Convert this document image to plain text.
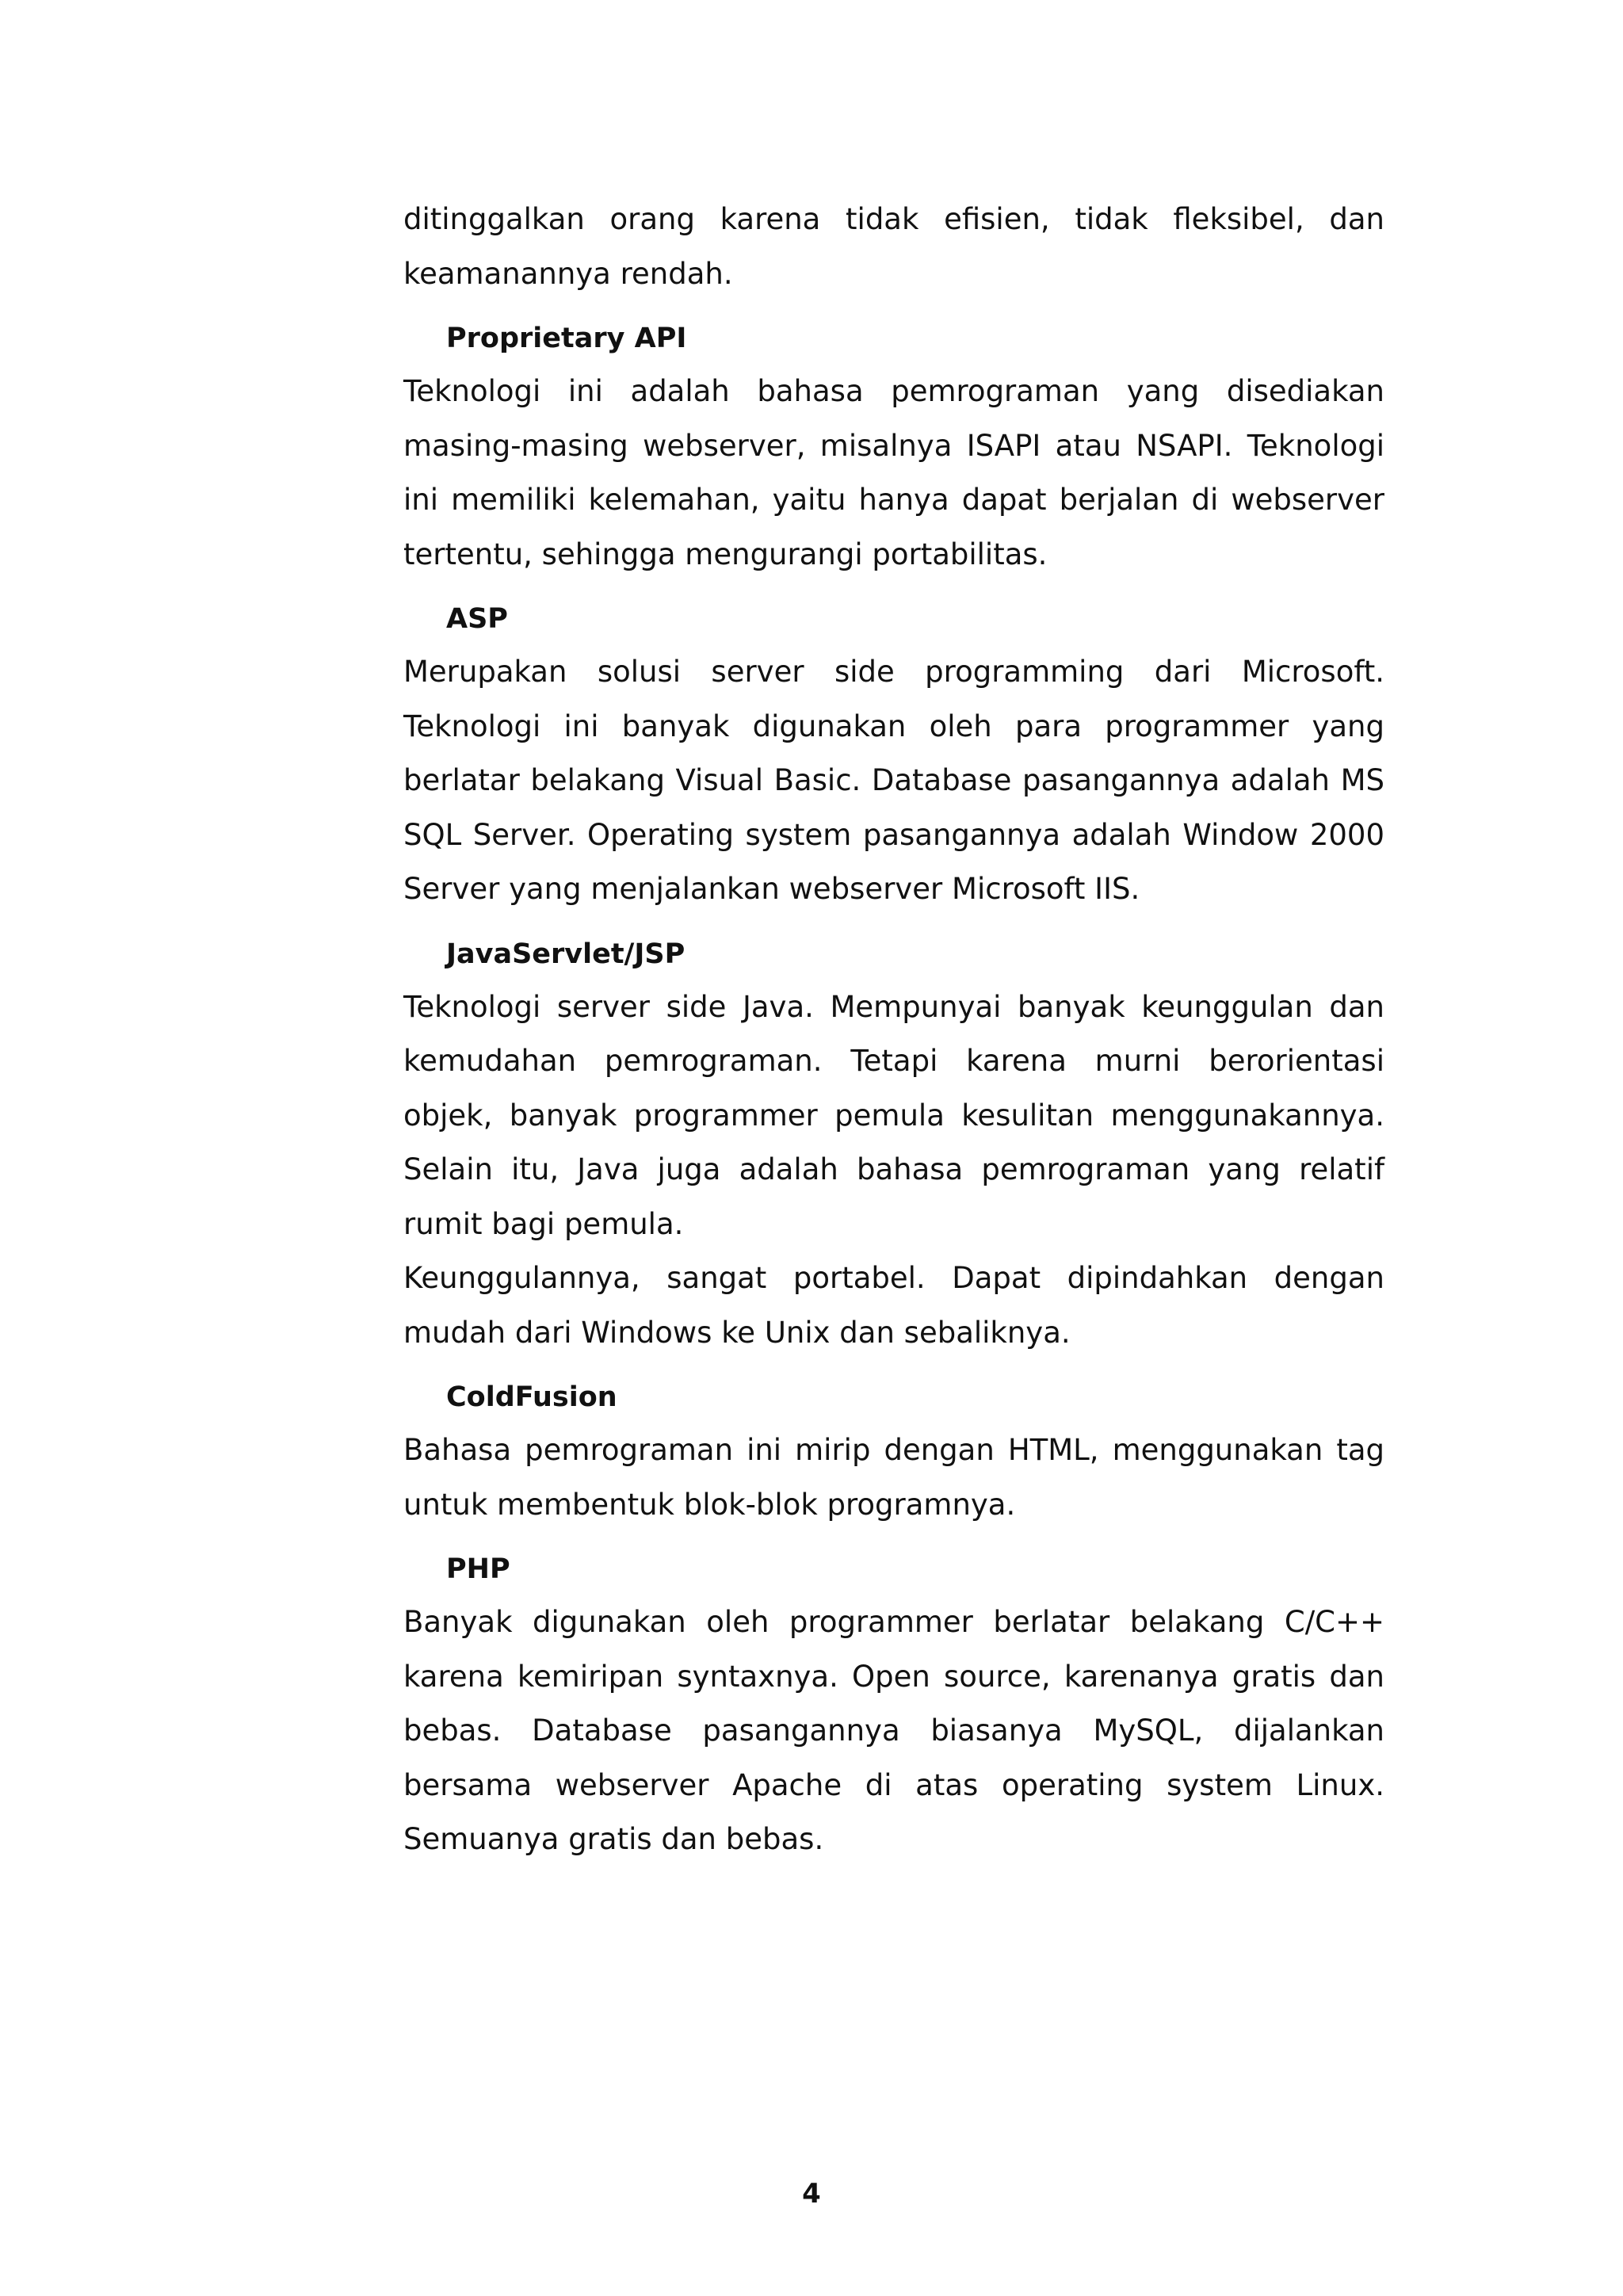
ditinggalkan orang karena tidak efisien, tidak fleksibel, dan keamanannya rendah.

Proprietary API

Teknologi ini adalah bahasa pemrograman yang disediakan masing-masing webserver, misalnya ISAPI atau NSAPI. Teknologi ini memiliki kelemahan, yaitu hanya dapat berjalan di webserver tertentu, sehingga mengurangi portabilitas.

ASP

Merupakan solusi server side programming dari Microsoft. Teknologi ini banyak digunakan oleh para programmer yang berlatar belakang Visual Basic. Database pasangannya adalah MS SQL Server. Operating system pasangannya adalah Window 2000 Server yang menjalankan webserver Microsoft IIS.

JavaServlet/JSP

Teknologi server side Java. Mempunyai banyak keunggulan dan kemudahan pemrograman. Tetapi karena murni berorientasi objek, banyak programmer pemula kesulitan menggunakannya. Selain itu, Java juga adalah bahasa pemrograman yang relatif rumit bagi pemula.

Keunggulannya, sangat portabel. Dapat dipindahkan dengan mudah dari Windows ke Unix dan sebaliknya.

ColdFusion

Bahasa pemrograman ini mirip dengan HTML, menggunakan tag untuk membentuk blok-blok programnya.

PHP

Banyak digunakan oleh programmer berlatar belakang C/C++ karena kemiripan syntaxnya. Open source, karenanya gratis dan bebas. Database pasangannya biasanya MySQL, dijalankan bersama webserver Apache di atas operating system Linux. Semuanya gratis dan bebas.

4
